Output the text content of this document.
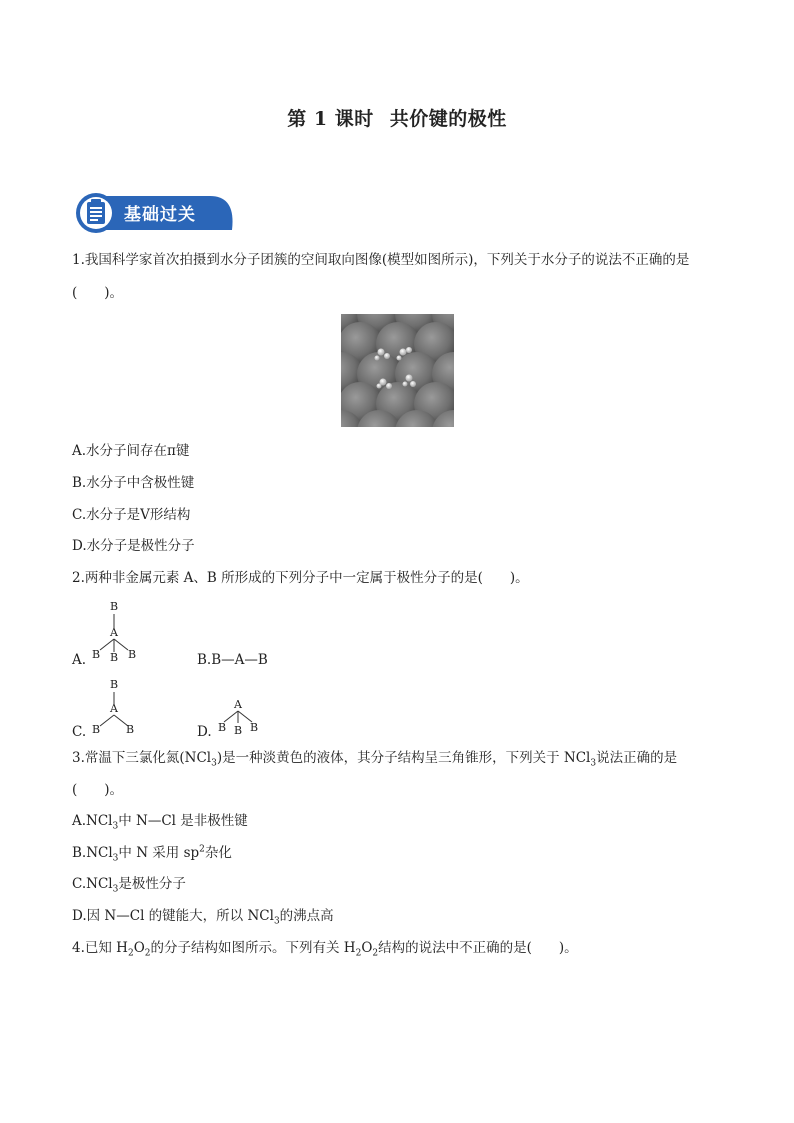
第 1 课时 共价键的极性
基础过关
1.我国科学家首次拍摄到水分子团簇的空间取向图像(模型如图所示)，下列关于水分子的说法不正确的是
(　　)。
A.水分子间存在π键
B.水分子中含极性键
C.水分子是V形结构
D.水分子是极性分子
2.两种非金属元素 A、B 所形成的下列分子中一定属于极性分子的是(　　)。
A.
B
A
B B B	B.B—A—B
C.
B
A
B B	D.
A
B B B
3.常温下三氯化氮(NCl$_3$)是一种淡黄色的液体，其分子结构呈三角锥形，下列关于 NCl$_3$说法正确的是
(　　)。
A.NCl$_3$中 N—Cl 是非极性键
B.NCl$_3$中 N 采用 $sp^2$杂化
C.NCl$_3$是极性分子
D.因 N—Cl 的键能大，所以 NCl$_3$的沸点高
4.已知 $H_2O_2$的分子结构如图所示。下列有关 $H_2O_2$结构的说法中不正确的是(　　)。
